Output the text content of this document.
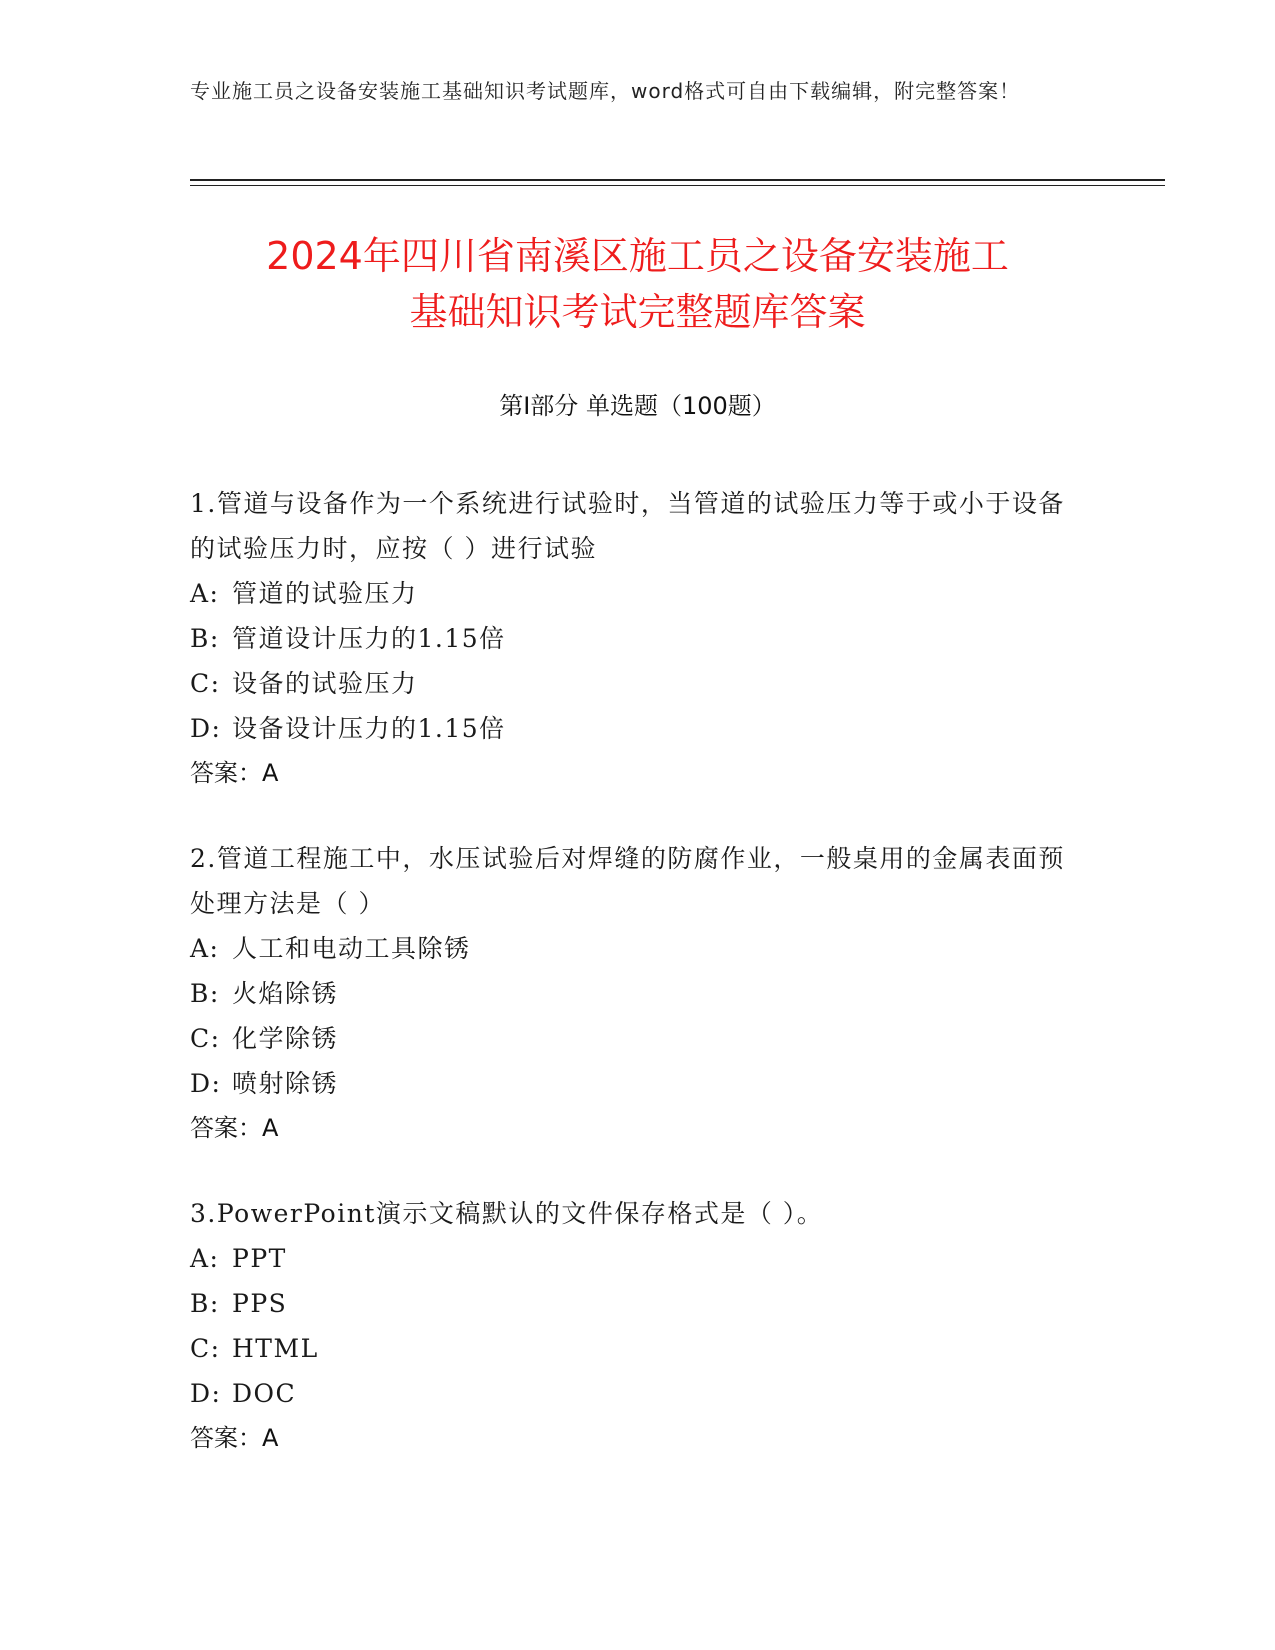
专业施工员之设备安装施工基础知识考试题库，word格式可自由下载编辑，附完整答案！
2024年四川省南溪区施工员之设备安装施工
基础知识考试完整题库答案
第I部分 单选题（100题）
1.管道与设备作为一个系统进行试验时，当管道的试验压力等于或小于设备的试验压力时，应按（ ）进行试验
A: 管道的试验压力
B: 管道设计压力的1.15倍
C: 设备的试验压力
D: 设备设计压力的1.15倍
答案：A
2.管道工程施工中，水压试验后对焊缝的防腐作业，一般桌用的金属表面预处理方法是（ ）
A: 人工和电动工具除锈
B: 火焰除锈
C: 化学除锈
D: 喷射除锈
答案：A
3.PowerPoint演示文稿默认的文件保存格式是（ ）。
A: PPT
B: PPS
C: HTML
D: DOC
答案：A
